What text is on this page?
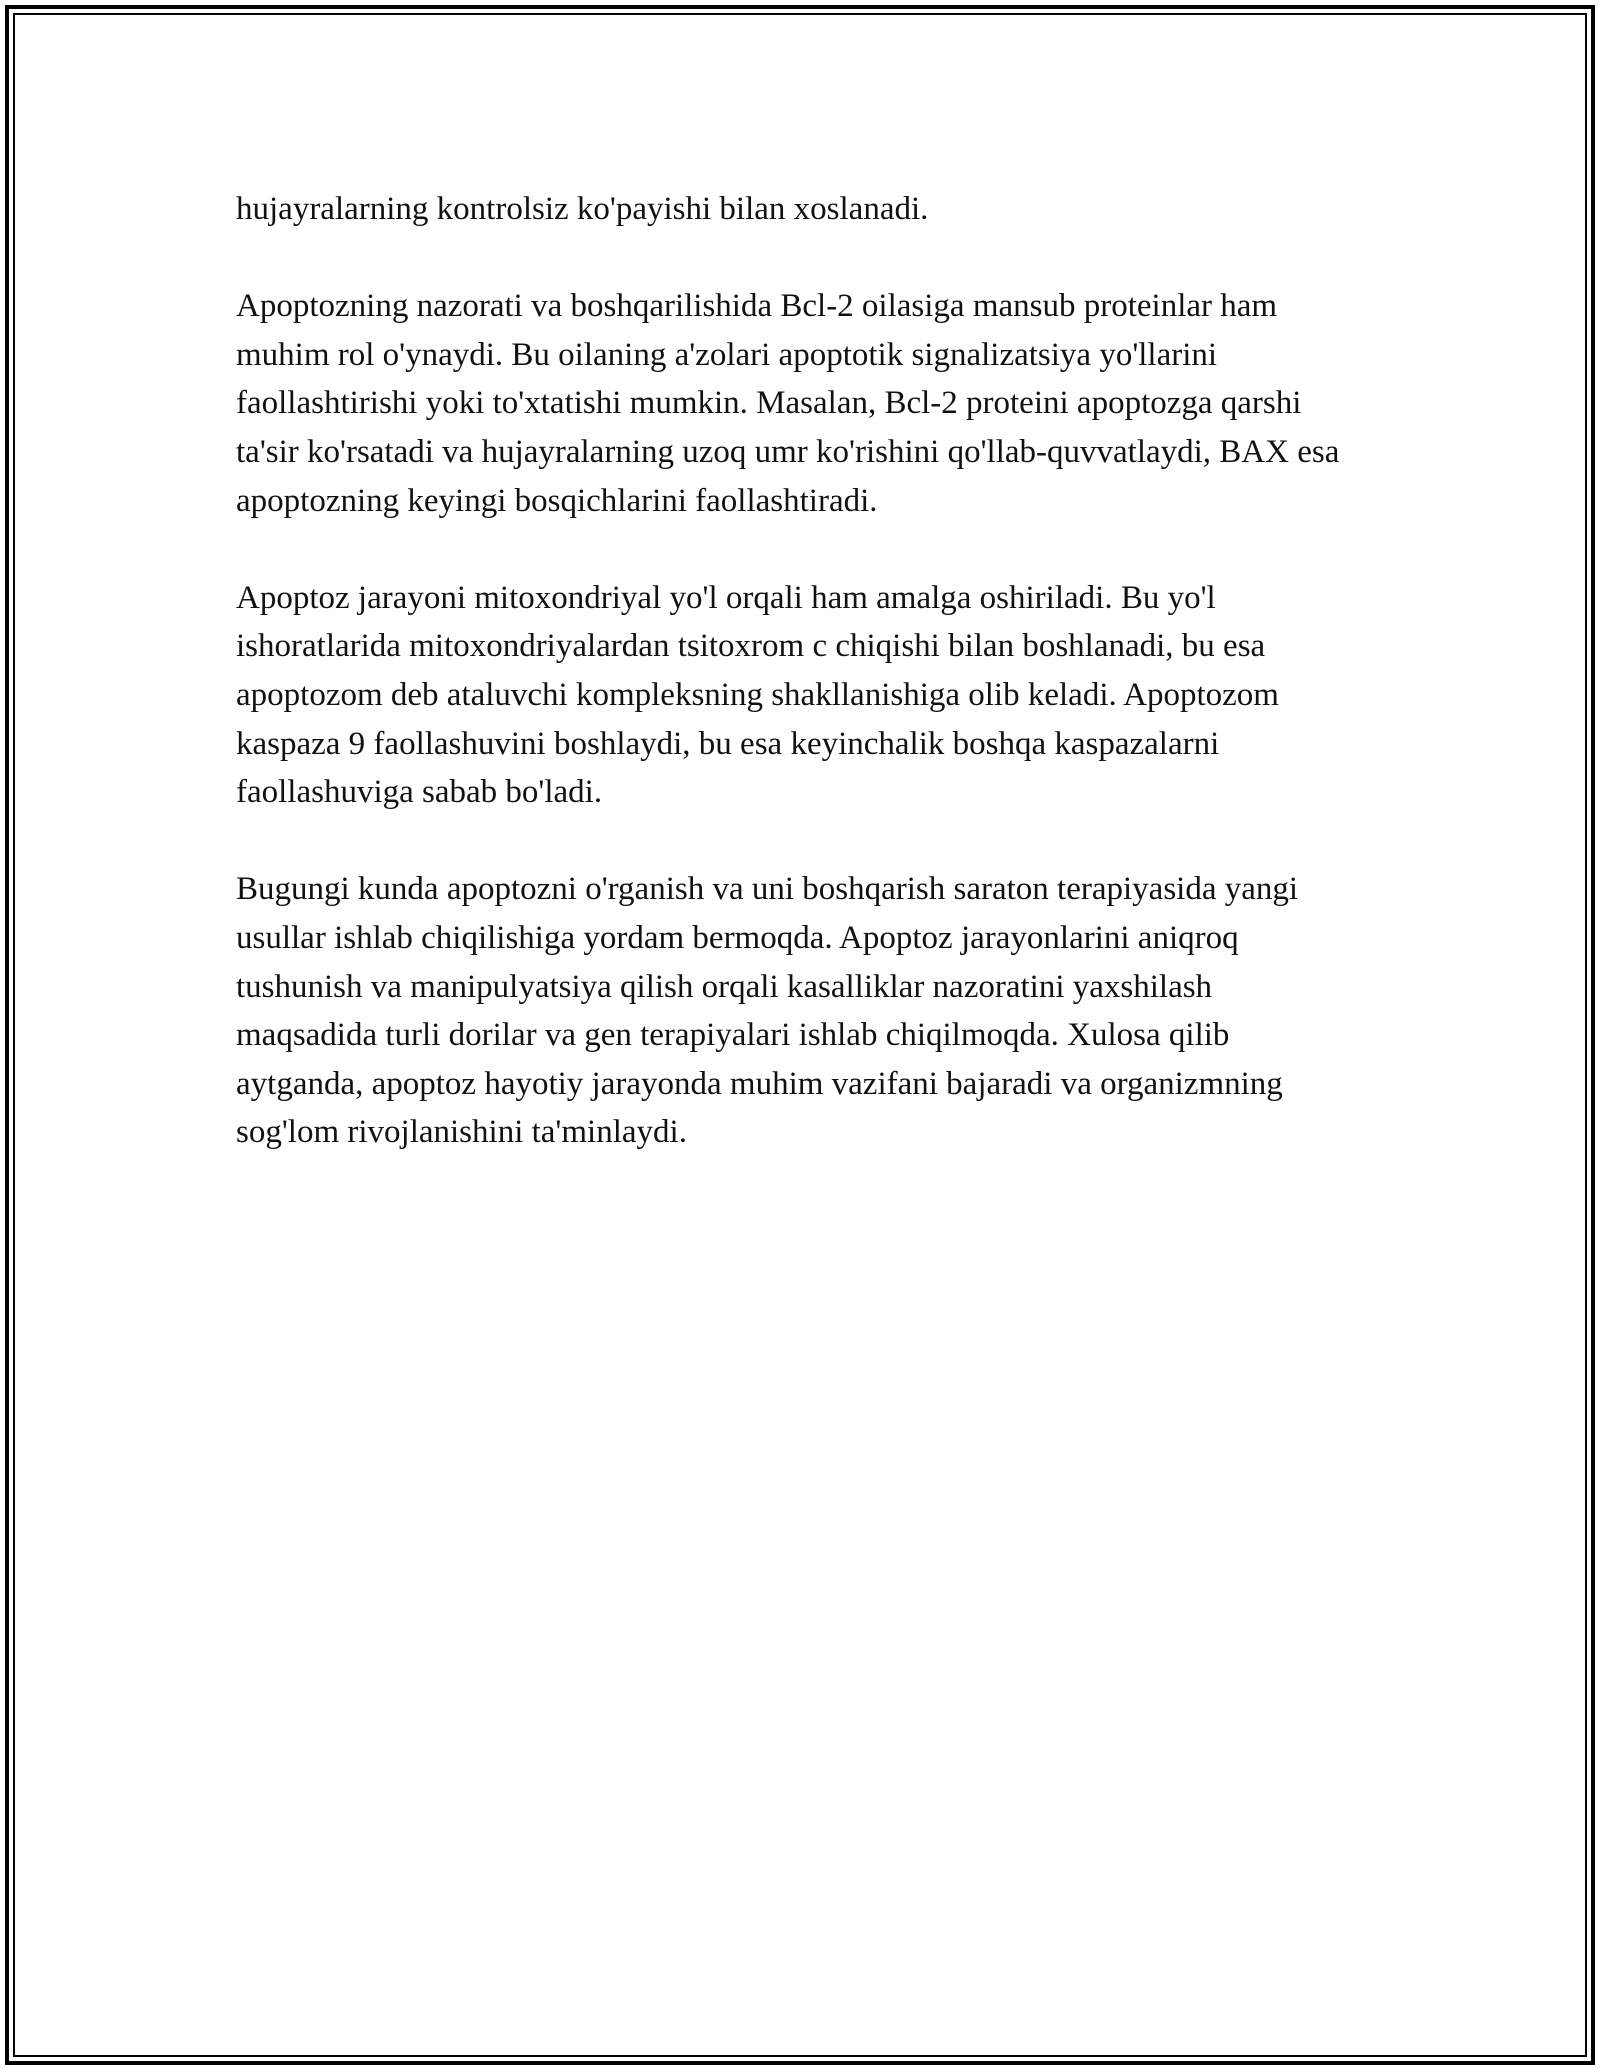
hujayralarning kontrolsiz ko'payishi bilan xoslanadi.

Apoptozning nazorati va boshqarilishida Bcl-2 oilasiga mansub proteinlar ham muhim rol o'ynaydi. Bu oilaning a'zolari apoptotik signalizatsiya yo'llarini faollashtirishi yoki to'xtatishi mumkin. Masalan, Bcl-2 proteini apoptozga qarshi ta'sir ko'rsatadi va hujayralarning uzoq umr ko'rishini qo'llab-quvvatlaydi, BAX esa apoptozning keyingi bosqichlarini faollashtiradi.

Apoptoz jarayoni mitoxondriyal yo'l orqali ham amalga oshiriladi. Bu yo'l ishoratlarida mitoxondriyalardan tsitoxrom c chiqishi bilan boshlanadi, bu esa apoptozom deb ataluvchi kompleksning shakllanishiga olib keladi. Apoptozom kaspaza 9 faollashuvini boshlaydi, bu esa keyinchalik boshqa kaspazalarni faollashuviga sabab bo'ladi.

Bugungi kunda apoptozni o'rganish va uni boshqarish saraton terapiyasida yangi usullar ishlab chiqilishiga yordam bermoqda. Apoptoz jarayonlarini aniqroq tushunish va manipulyatsiya qilish orqali kasalliklar nazoratini yaxshilash maqsadida turli dorilar va gen terapiyalari ishlab chiqilmoqda. Xulosa qilib aytganda, apoptoz hayotiy jarayonda muhim vazifani bajaradi va organizmning sog'lom rivojlanishini ta'minlaydi.
